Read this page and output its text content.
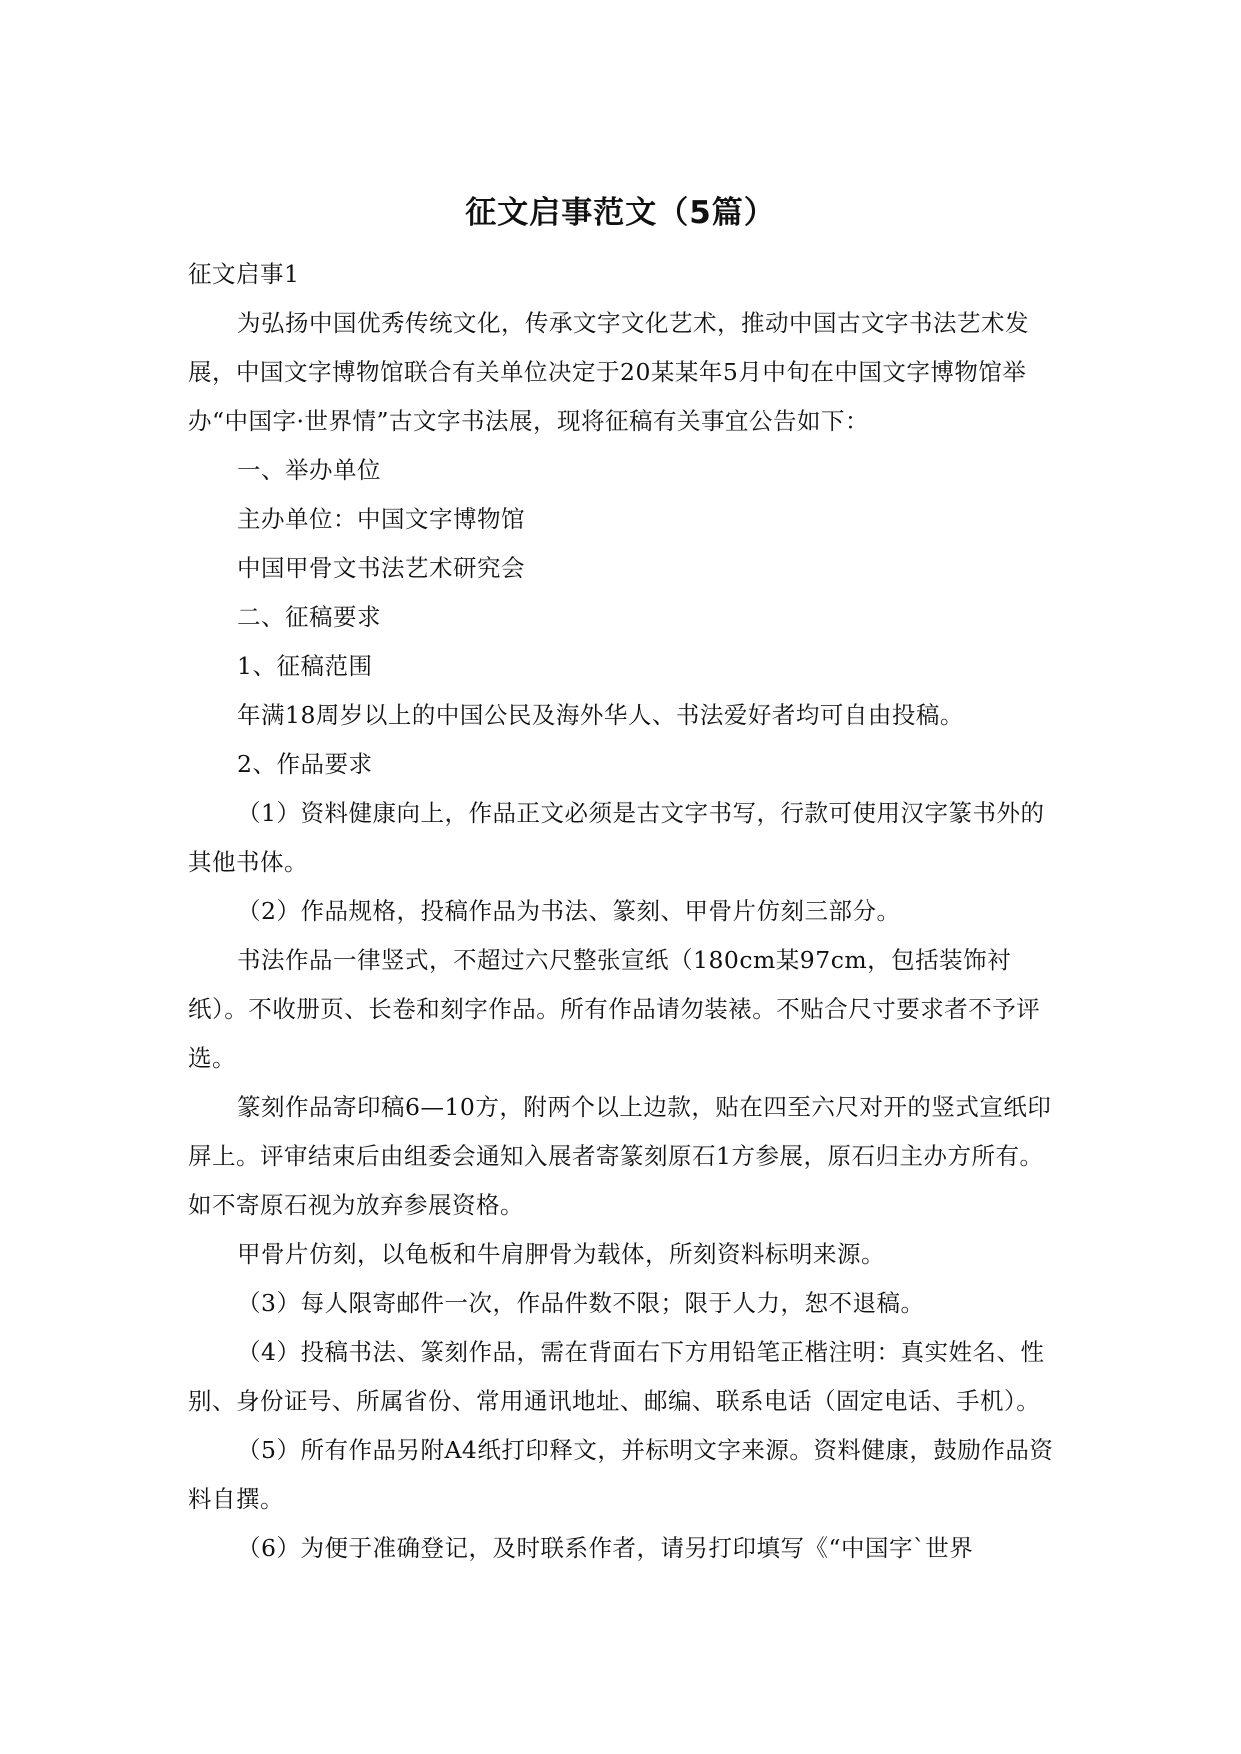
征文启事范文（5篇）

征文启事1

为弘扬中国优秀传统文化，传承文字文化艺术，推动中国古文字书法艺术发展，中国文字博物馆联合有关单位决定于20某某年5月中旬在中国文字博物馆举办“中国字·世界情”古文字书法展，现将征稿有关事宜公告如下：

一、举办单位

主办单位：中国文字博物馆

中国甲骨文书法艺术研究会

二、征稿要求

1、征稿范围

年满18周岁以上的中国公民及海外华人、书法爱好者均可自由投稿。

2、作品要求

（1）资料健康向上，作品正文必须是古文字书写，行款可使用汉字篆书外的其他书体。

（2）作品规格，投稿作品为书法、篆刻、甲骨片仿刻三部分。

书法作品一律竖式，不超过六尺整张宣纸（180cm某97cm，包括装饰衬纸）。不收册页、长卷和刻字作品。所有作品请勿装裱。不贴合尺寸要求者不予评选。

篆刻作品寄印稿6—10方，附两个以上边款，贴在四至六尺对开的竖式宣纸印屏上。评审结束后由组委会通知入展者寄篆刻原石1方参展，原石归主办方所有。如不寄原石视为放弃参展资格。

甲骨片仿刻，以龟板和牛肩胛骨为载体，所刻资料标明来源。

（3）每人限寄邮件一次，作品件数不限；限于人力，恕不退稿。

（4）投稿书法、篆刻作品，需在背面右下方用铅笔正楷注明：真实姓名、性别、身份证号、所属省份、常用通讯地址、邮编、联系电话（固定电话、手机）。

（5）所有作品另附A4纸打印释文，并标明文字来源。资料健康，鼓励作品资料自撰。

（6）为便于准确登记，及时联系作者，请另打印填写《“中国字`世界
